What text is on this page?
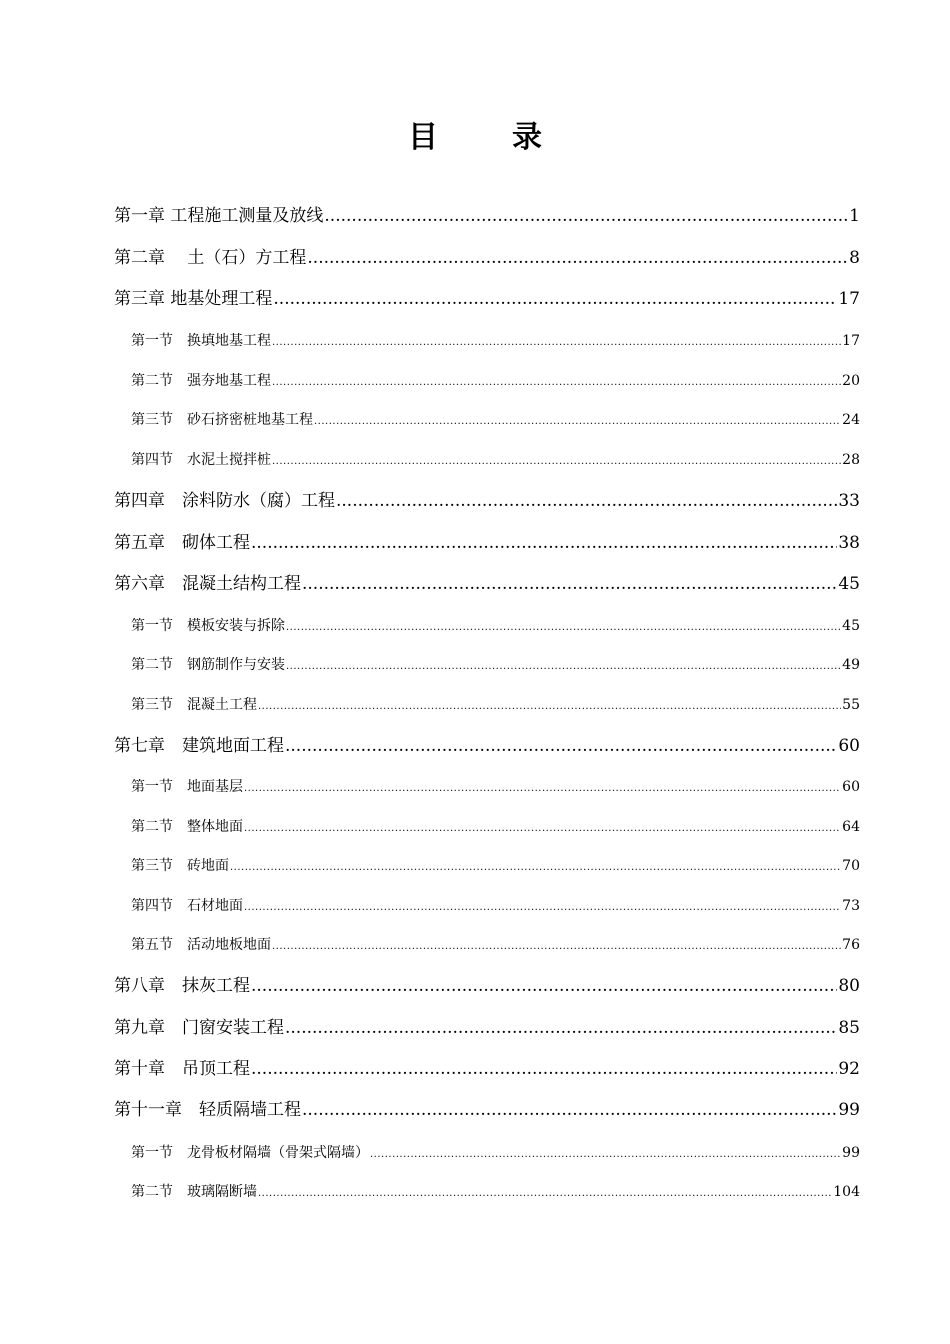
目　录
第一章 工程施工测量及放线 .....	1
第二章　 土（石）方工程 .....	8
第三章 地基处理工程 .....	17
第一节　换填地基工程 .....	17
第二节　强夯地基工程 .....	20
第三节　砂石挤密桩地基工程 .....	24
第四节　水泥土搅拌桩 .....	28
第四章　涂料防水（腐）工程 .....	33
第五章　砌体工程 .....	38
第六章　混凝土结构工程 .....	45
第一节　模板安装与拆除 .....	45
第二节　钢筋制作与安装 .....	49
第三节　混凝土工程 .....	55
第七章　建筑地面工程 .....	60
第一节　地面基层 .....	60
第二节　整体地面 .....	64
第三节　砖地面 .....	70
第四节　石材地面 .....	73
第五节　活动地板地面 .....	76
第八章　抹灰工程 .....	80
第九章　门窗安装工程 .....	85
第十章　吊顶工程 .....	92
第十一章　轻质隔墙工程 .....	99
第一节　龙骨板材隔墙（骨架式隔墙） .....	99
第二节　玻璃隔断墙 .....	104
